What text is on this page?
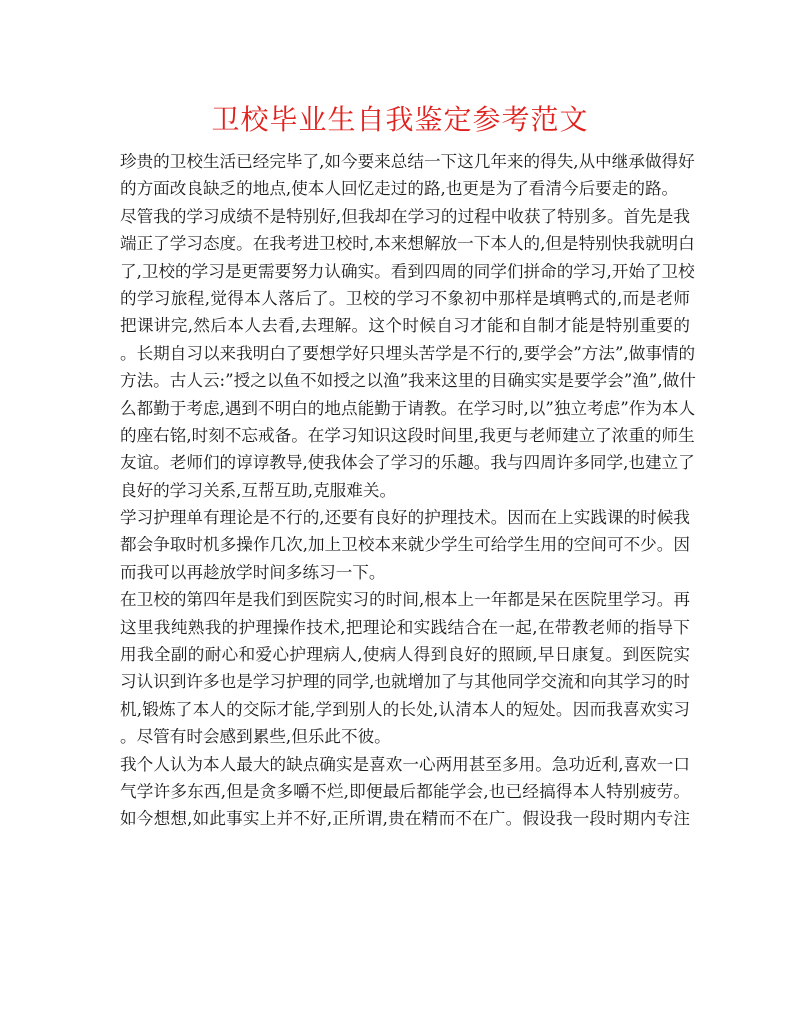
卫校毕业生自我鉴定参考范文
珍贵的卫校生活已经完毕了,如今要来总结一下这几年来的得失,从中继承做得好
的方面改良缺乏的地点,使本人回忆走过的路,也更是为了看清今后要走的路。
尽管我的学习成绩不是特别好,但我却在学习的过程中收获了特别多。首先是我
端正了学习态度。在我考进卫校时,本来想解放一下本人的,但是特别快我就明白
了,卫校的学习是更需要努力认确实。看到四周的同学们拼命的学习,开始了卫校
的学习旅程,觉得本人落后了。卫校的学习不象初中那样是填鸭式的,而是老师
把课讲完,然后本人去看,去理解。这个时候自习才能和自制才能是特别重要的
。长期自习以来我明白了要想学好只埋头苦学是不行的,要学会”方法”,做事情的
方法。古人云:”授之以鱼不如授之以渔”我来这里的目确实实是要学会”渔”,做什
么都勤于考虑,遇到不明白的地点能勤于请教。在学习时,以”独立考虑”作为本人
的座右铭,时刻不忘戒备。在学习知识这段时间里,我更与老师建立了浓重的师生
友谊。老师们的谆谆教导,使我体会了学习的乐趣。我与四周许多同学,也建立了
良好的学习关系,互帮互助,克服难关。
学习护理单有理论是不行的,还要有良好的护理技术。因而在上实践课的时候我
都会争取时机多操作几次,加上卫校本来就少学生可给学生用的空间可不少。因
而我可以再趁放学时间多练习一下。
在卫校的第四年是我们到医院实习的时间,根本上一年都是呆在医院里学习。再
这里我纯熟我的护理操作技术,把理论和实践结合在一起,在带教老师的指导下
用我全副的耐心和爱心护理病人,使病人得到良好的照顾,早日康复。到医院实
习认识到许多也是学习护理的同学,也就增加了与其他同学交流和向其学习的时
机,锻炼了本人的交际才能,学到别人的长处,认清本人的短处。因而我喜欢实习
。尽管有时会感到累些,但乐此不彼。
我个人认为本人最大的缺点确实是喜欢一心两用甚至多用。急功近利,喜欢一口
气学许多东西,但是贪多嚼不烂,即便最后都能学会,也已经搞得本人特别疲劳。
如今想想,如此事实上并不好,正所谓,贵在精而不在广。假设我一段时期内专注
